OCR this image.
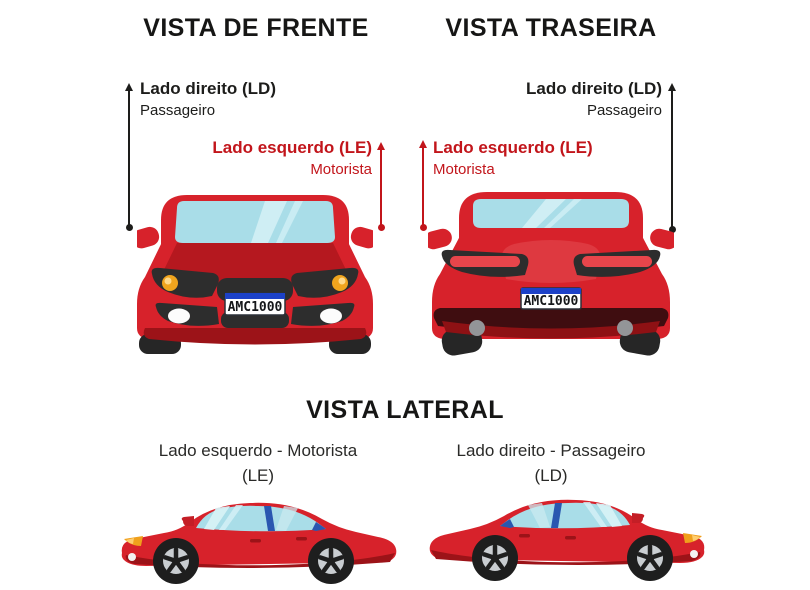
VISTA DE FRENTE	VISTA TRASEIRA
Lado direito (LD)
Passageiro
Lado esquerdo (LE)
Motorista
Lado esquerdo (LE)
Motorista
Lado direito (LD)
Passageiro
AMC1000	AMC1000
VISTA LATERAL
Lado esquerdo - Motorista
(LE)
Lado direito - Passageiro
(LD)
